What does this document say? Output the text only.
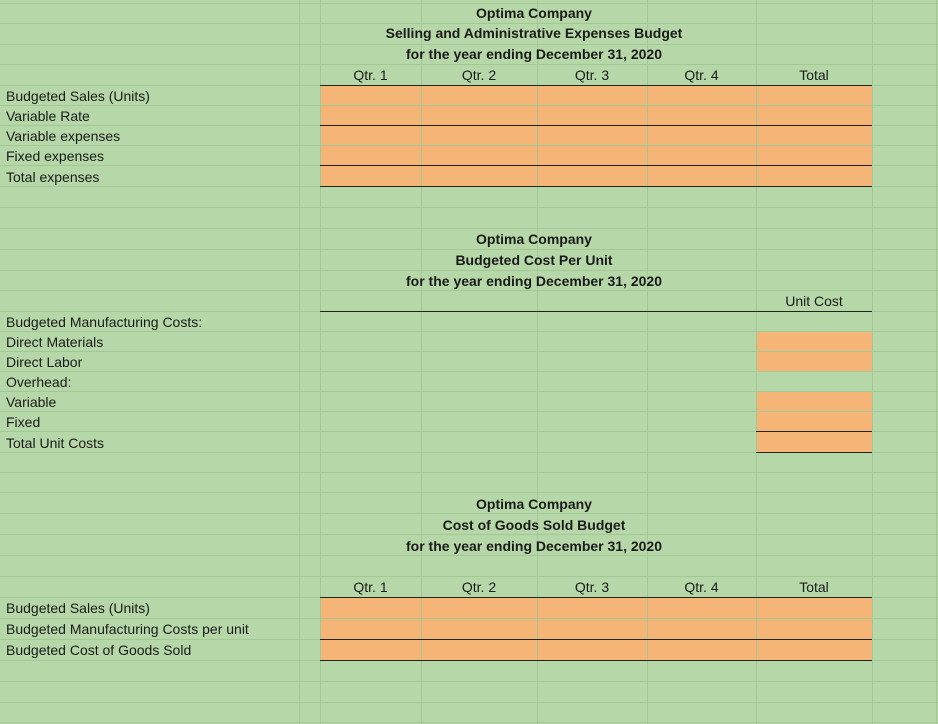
Optima Company
Selling and Administrative Expenses Budget
for the year ending December 31, 2020
Qtr. 1	Qtr. 2	Qtr. 3	Qtr. 4	Total
Budgeted Sales (Units)
Variable Rate
Variable expenses
Fixed expenses
Total expenses
Optima Company
Budgeted Cost Per Unit
for the year ending December 31, 2020
Unit Cost
Budgeted Manufacturing Costs:
Direct Materials
Direct Labor
Overhead:
Variable
Fixed
Total Unit Costs
Optima Company
Cost of Goods Sold Budget
for the year ending December 31, 2020
Qtr. 1	Qtr. 2	Qtr. 3	Qtr. 4	Total
Budgeted Sales (Units)
Budgeted Manufacturing Costs per unit
Budgeted Cost of Goods Sold
